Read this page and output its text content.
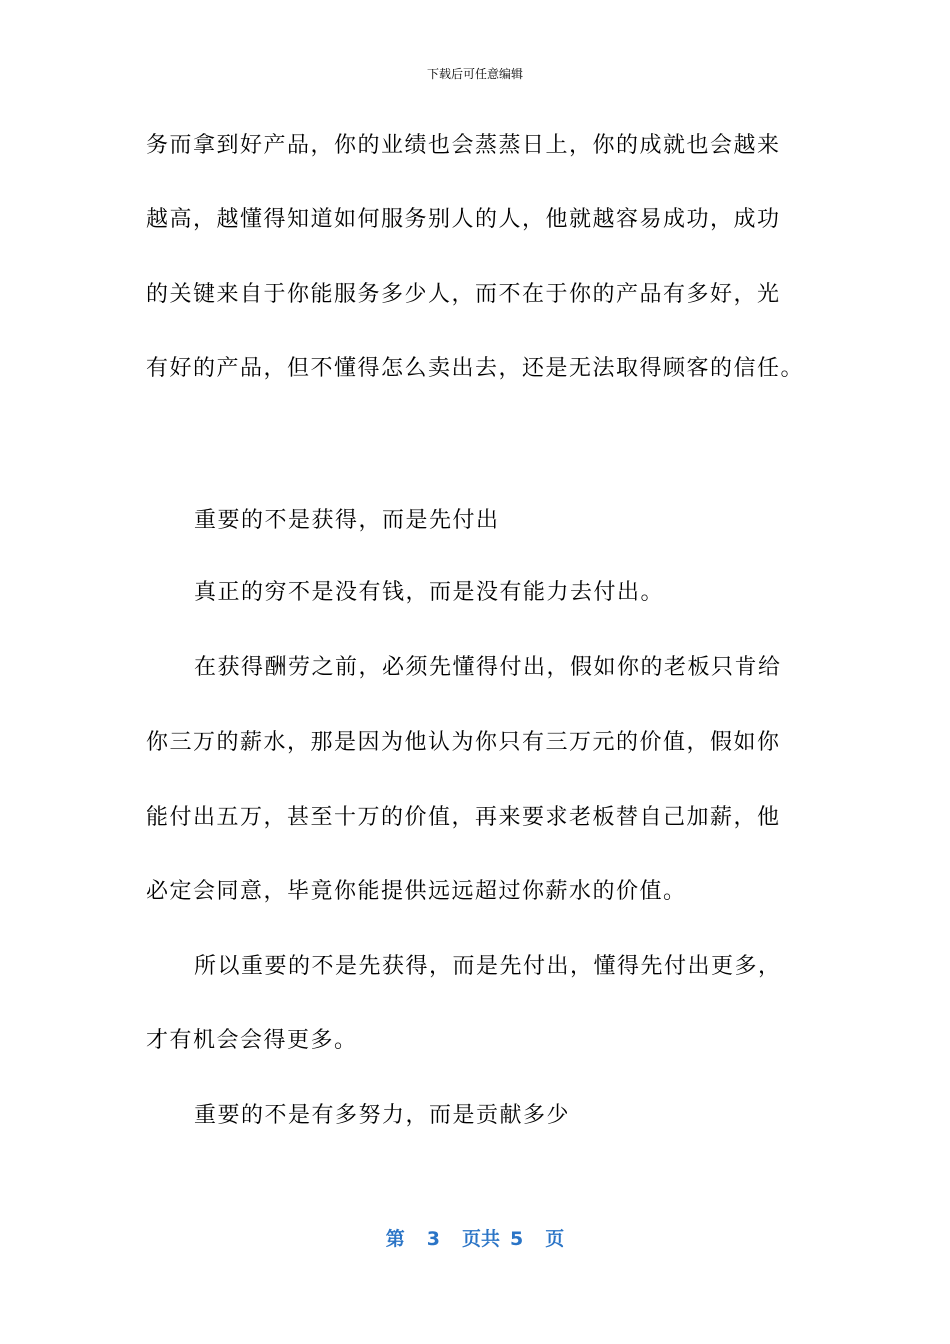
下载后可任意编辑
务而拿到好产品，你的业绩也会蒸蒸日上，你的成就也会越来
越高，越懂得知道如何服务别人的人，他就越容易成功，成功
的关键来自于你能服务多少人，而不在于你的产品有多好，光
有好的产品，但不懂得怎么卖出去，还是无法取得顾客的信任。
重要的不是获得，而是先付出
真正的穷不是没有钱，而是没有能力去付出。
在获得酬劳之前，必须先懂得付出，假如你的老板只肯给
你三万的薪水，那是因为他认为你只有三万元的价值，假如你
能付出五万，甚至十万的价值，再来要求老板替自己加薪，他
必定会同意，毕竟你能提供远远超过你薪水的价值。
所以重要的不是先获得，而是先付出，懂得先付出更多，
才有机会会得更多。
重要的不是有多努力，而是贡献多少
第 3 页共 5 页
